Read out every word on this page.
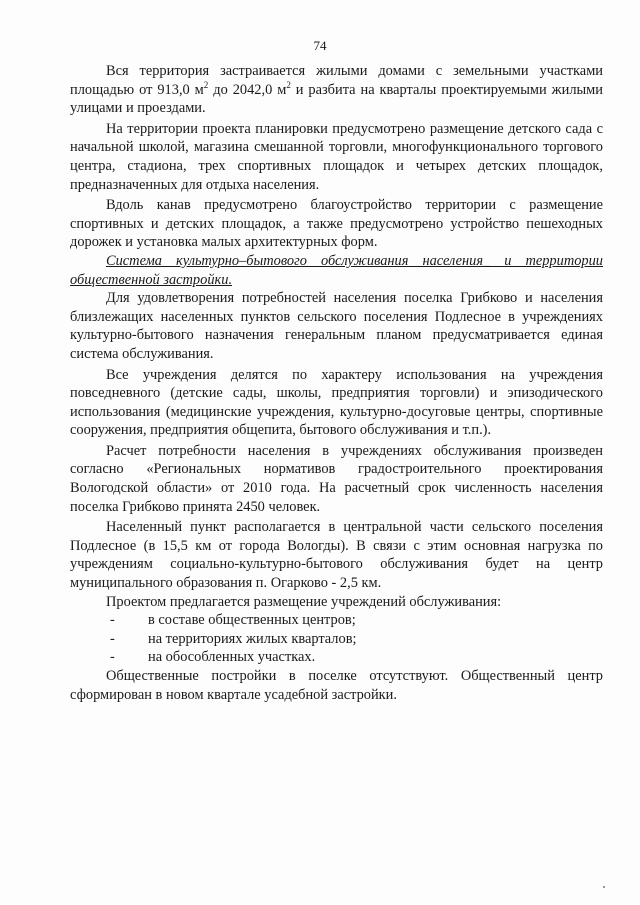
74

Вся территория застраивается жилыми домами с земельными участками площадью от 913,0 $м^2$ до 2042,0 $м^2$ и разбита на кварталы проектируемыми жилыми улицами и проездами.

На территории проекта планировки предусмотрено размещение детского сада с начальной школой, магазина смешанной торговли, многофункционального торгового центра, стадиона, трех спортивных площадок и четырех детских площадок, предназначенных для отдыха населения.

Вдоль канав предусмотрено благоустройство территории с размещение спортивных и детских площадок, а также предусмотрено устройство пешеходных дорожек и установка малых архитектурных форм.

Система культурно–бытового обслуживания населения_ и территории общественной застройки.

Для удовлетворения потребностей населения поселка Грибково и населения близлежащих населенных пунктов сельского поселения Подлесное в учреждениях культурно-бытового назначения генеральным планом предусматривается единая система обслуживания.

Все учреждения делятся по характеру использования на учреждения повседневного (детские сады, школы, предприятия торговли) и эпизодического использования (медицинские учреждения, культурно-досуговые центры, спортивные сооружения, предприятия общепита, бытового обслуживания и т.п.).

Расчет потребности населения в учреждениях обслуживания произведен согласно «Региональных нормативов градостроительного проектирования Вологодской области» от 2010 года. На расчетный срок численность населения поселка Грибково принята 2450 человек.

Населенный пункт располагается в центральной части сельского поселения Подлесное (в 15,5 км от города Вологды). В связи с этим основная нагрузка по учреждениям социально-культурно-бытового обслуживания будет на центр муниципального образования п. Огарково - 2,5 км.

Проектом предлагается размещение учреждений обслуживания:

- в составе общественных центров;
- на территориях жилых кварталов;
- на обособленных участках.

Общественные постройки в поселке отсутствуют. Общественный центр сформирован в новом квартале усадебной застройки.
